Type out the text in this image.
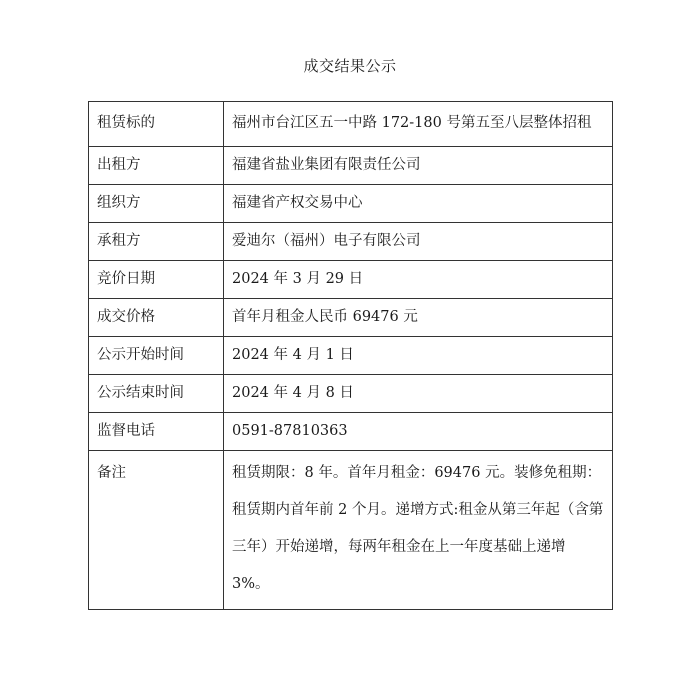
成交结果公示
租赁标的	福州市台江区五一中路 172-180 号第五至八层整体招租
出租方	福建省盐业集团有限责任公司
组织方	福建省产权交易中心
承租方	爱迪尔（福州）电子有限公司
竞价日期	2024 年 3 月 29 日
成交价格	首年月租金人民币 69476 元
公示开始时间	2024 年 4 月 1 日
公示结束时间	2024 年 4 月 8 日
监督电话	0591-87810363
备注	租赁期限：8 年。首年月租金：69476 元。装修免租期：租赁期内首年前 2 个月。递增方式:租金从第三年起（含第三年）开始递增，每两年租金在上一年度基础上递增 3%。
